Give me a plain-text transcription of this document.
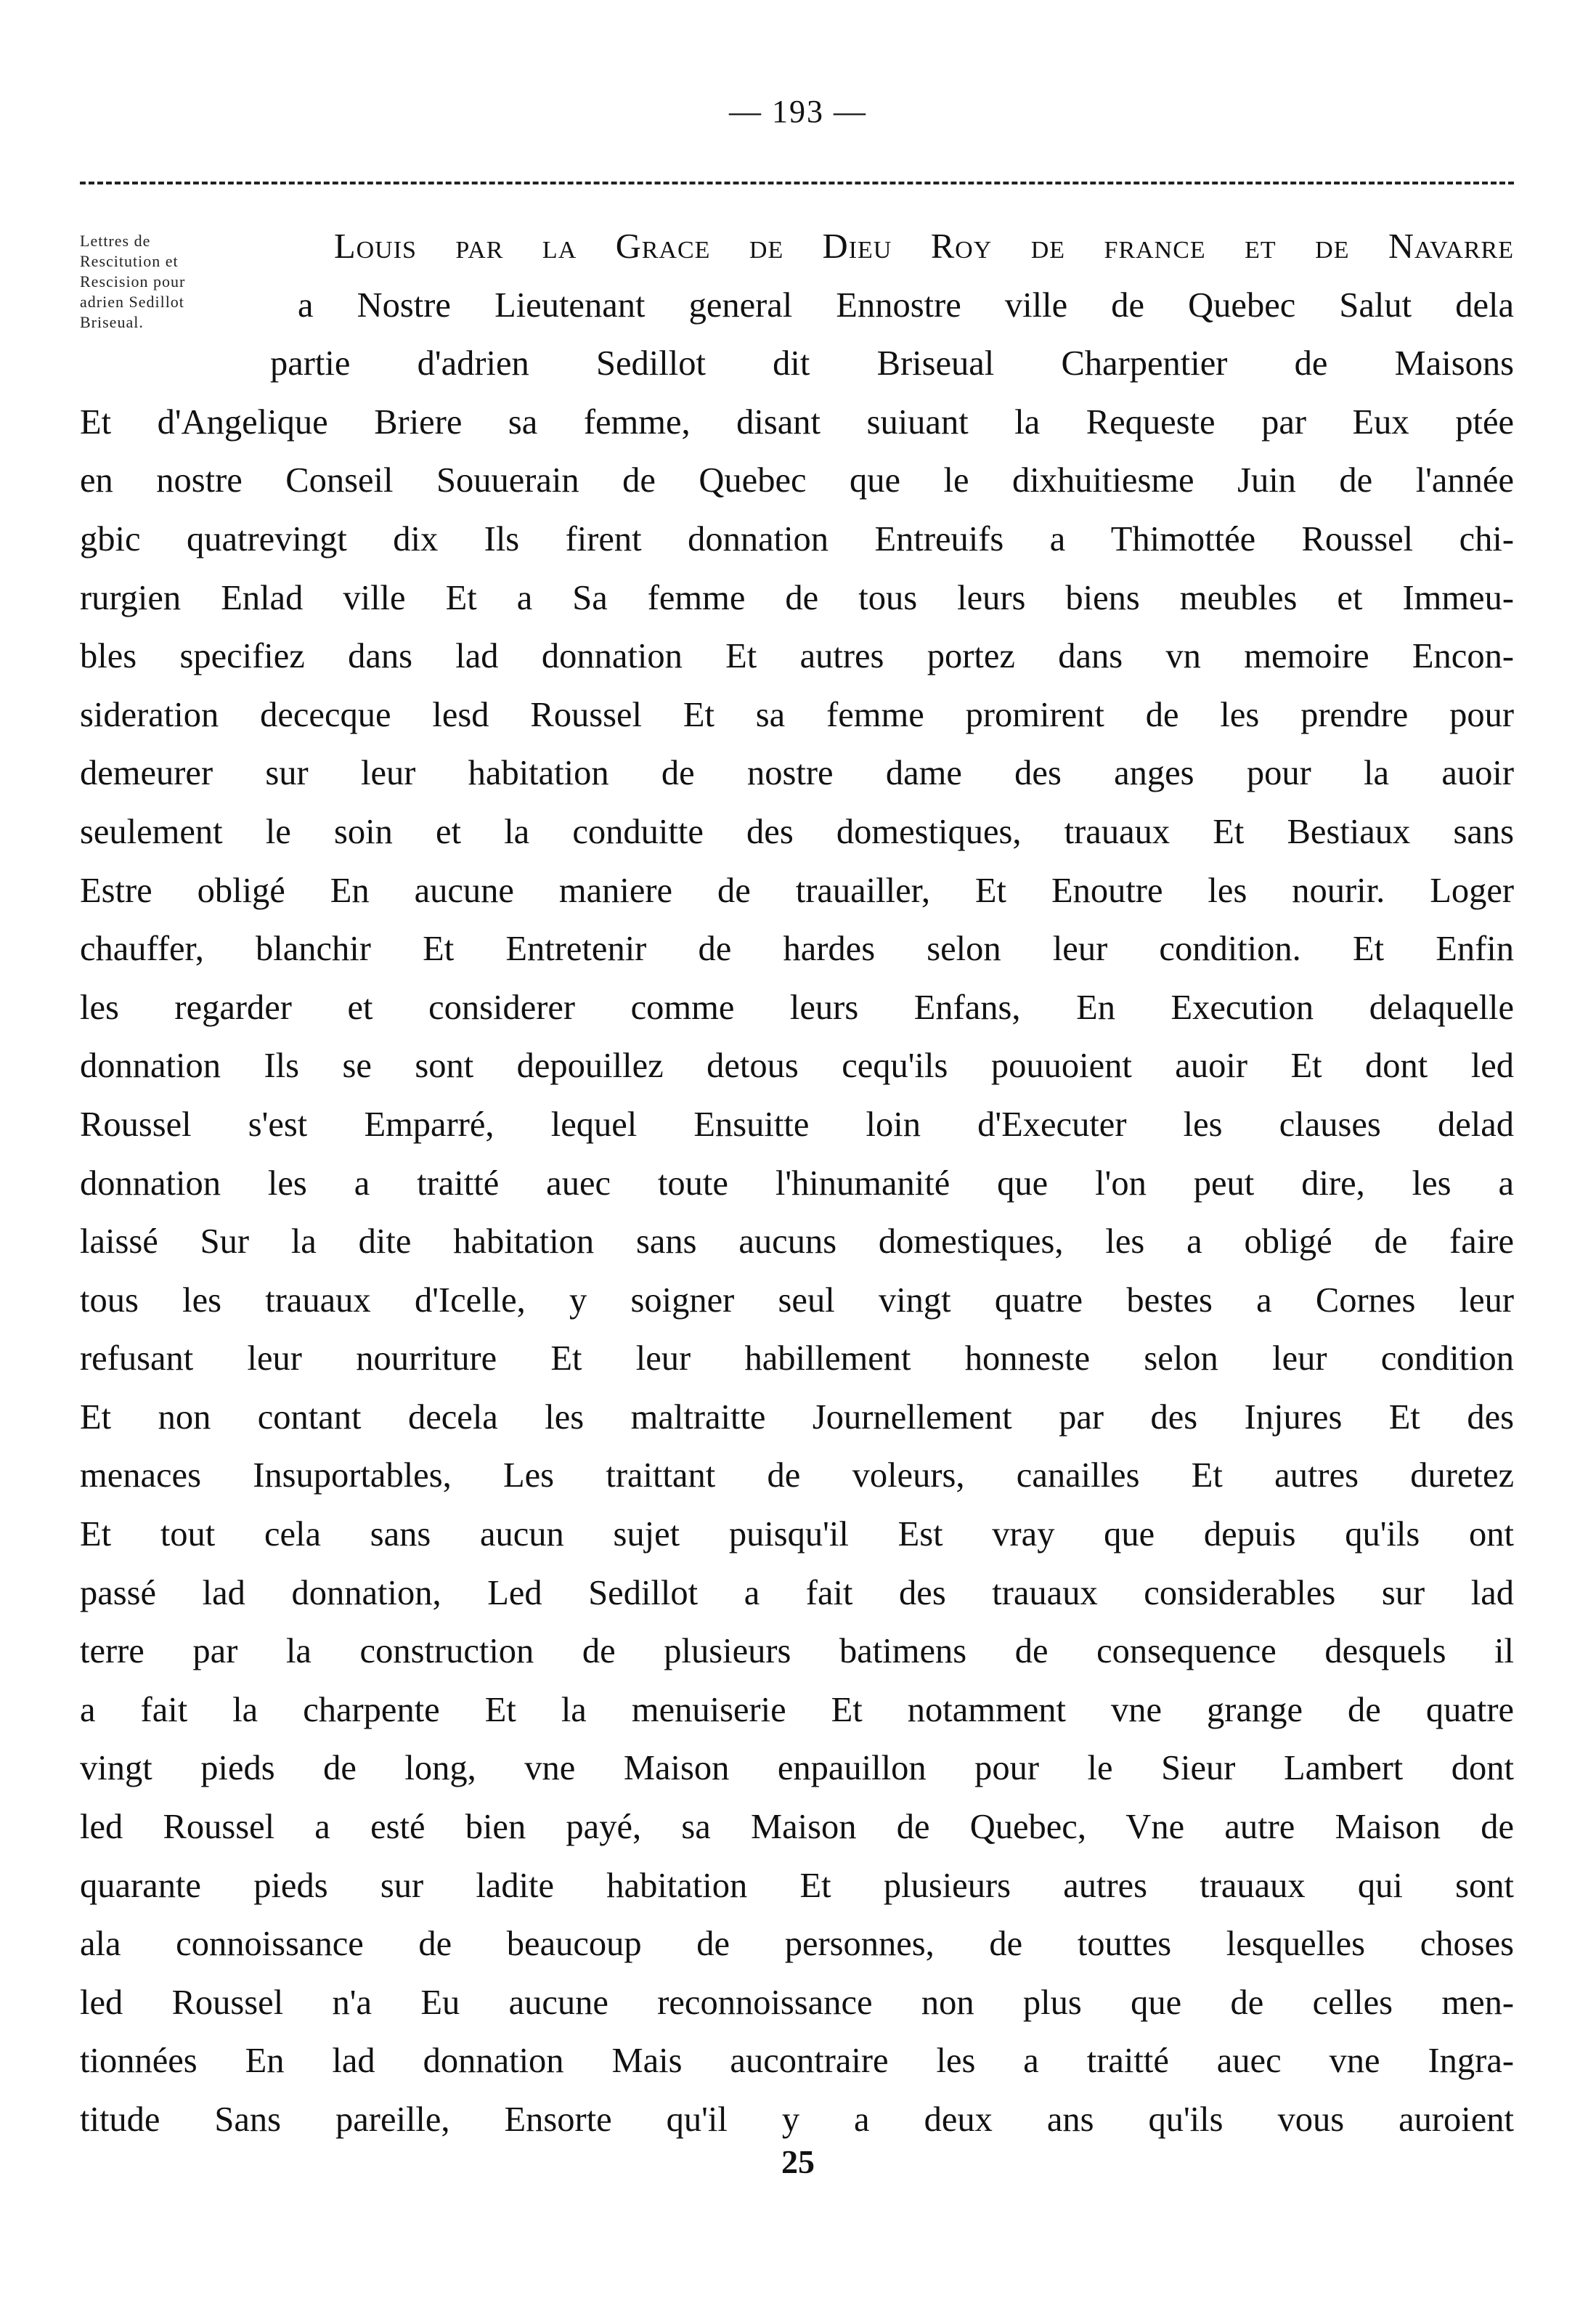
— 193 —
Lettres de
Rescitution et
Rescision pour
adrien Sedillot
Briseual.
Louis par la Grace de Dieu Roy de france et de Navarre
a Nostre Lieutenant general Ennostre ville de Quebec Salut dela
partie d'adrien Sedillot dit Briseual Charpentier de Maisons
Et d'Angelique Briere sa femme, disant suiuant la Requeste par Eux ptée
en nostre Conseil Souuerain de Quebec que le dixhuitiesme Juin de l'année
gbic quatrevingt dix Ils firent donnation Entreuifs a Thimottée Roussel chi-
rurgien Enlad ville Et a Sa femme de tous leurs biens meubles et Immeu-
bles specifiez dans lad donnation Et autres portez dans vn memoire Encon-
sideration dececque lesd Roussel Et sa femme promirent de les prendre pour
demeurer sur leur habitation de nostre dame des anges pour la auoir
seulement le soin et la conduitte des domestiques, trauaux Et Bestiaux sans
Estre obligé En aucune maniere de trauailler, Et Enoutre les nourir. Loger
chauffer, blanchir Et Entretenir de hardes selon leur condition. Et Enfin
les regarder et considerer comme leurs Enfans, En Execution delaquelle
donnation Ils se sont depouillez detous cequ'ils pouuoient auoir Et dont led
Roussel s'est Emparré, lequel Ensuitte loin d'Executer les clauses delad
donnation les a traitté auec toute l'hinumanité que l'on peut dire, les a
laissé Sur la dite habitation sans aucuns domestiques, les a obligé de faire
tous les trauaux d'Icelle, y soigner seul vingt quatre bestes a Cornes leur
refusant leur nourriture Et leur habillement honneste selon leur condition
Et non contant decela les maltraitte Journellement par des Injures Et des
menaces Insuportables, Les traittant de voleurs, canailles Et autres duretez
Et tout cela sans aucun sujet puisqu'il Est vray que depuis qu'ils ont
passé lad donnation, Led Sedillot a fait des trauaux considerables sur lad
terre par la construction de plusieurs batimens de consequence desquels il
a fait la charpente Et la menuiserie Et notamment vne grange de quatre
vingt pieds de long, vne Maison enpauillon pour le Sieur Lambert dont
led Roussel a esté bien payé, sa Maison de Quebec, Vne autre Maison de
quarante pieds sur ladite habitation Et plusieurs autres trauaux qui sont
ala connoissance de beaucoup de personnes, de touttes lesquelles choses
led Roussel n'a Eu aucune reconnoissance non plus que de celles men-
tionnées En lad donnation Mais aucontraire les a traitté auec vne Ingra-
titude Sans pareille, Ensorte qu'il y a deux ans qu'ils vous auroient
25
